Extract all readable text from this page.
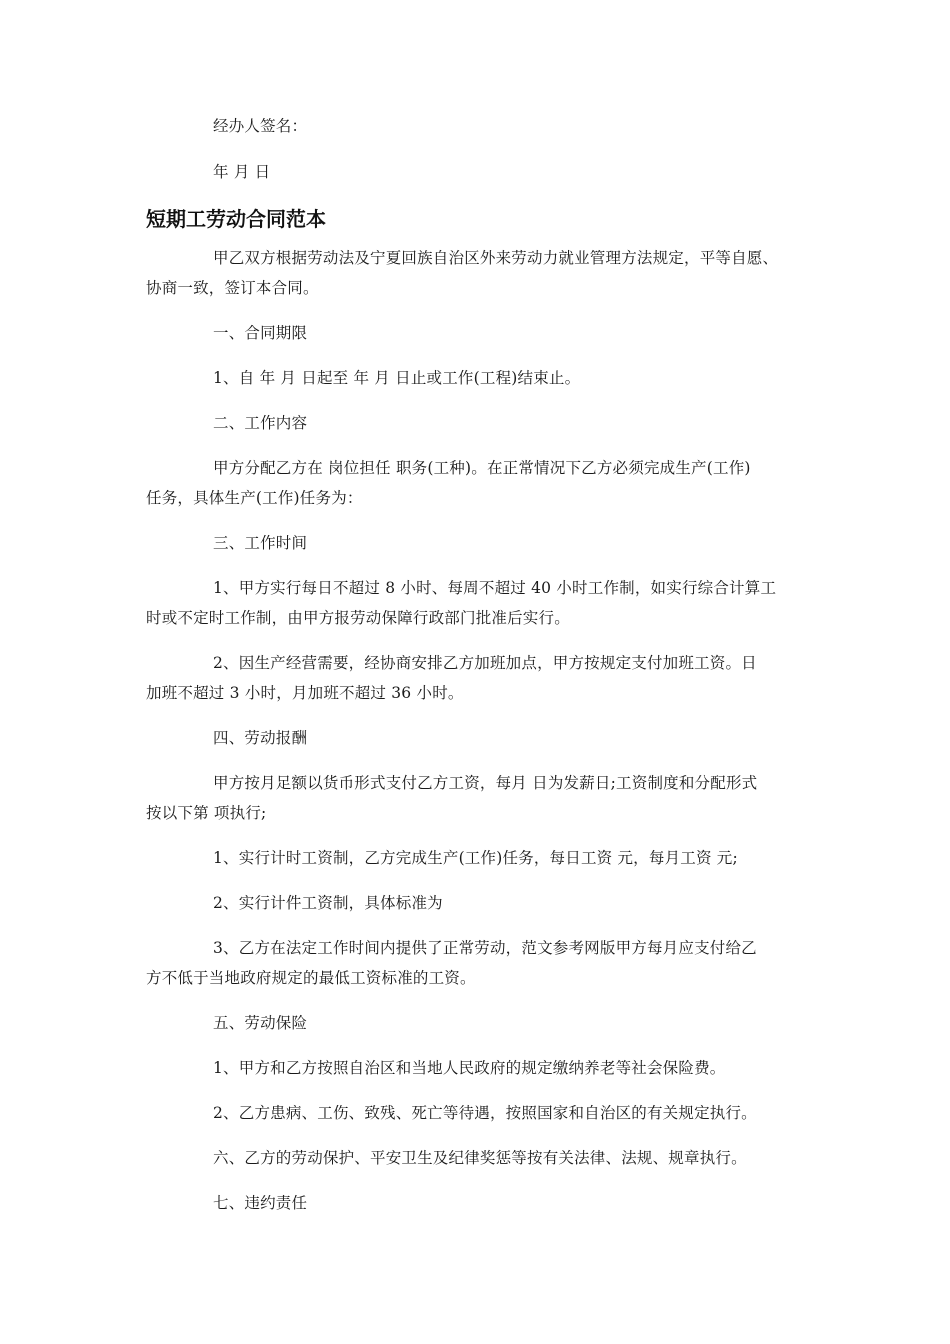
经办人签名：
年 月 日
短期工劳动合同范本
甲乙双方根据劳动法及宁夏回族自治区外来劳动力就业管理方法规定，平等自愿、
协商一致，签订本合同。
一、合同期限
1、自 年 月 日起至 年 月 日止或工作(工程)结束止。
二、工作内容
甲方分配乙方在 岗位担任 职务(工种)。在正常情况下乙方必须完成生产(工作)
任务，具体生产(工作)任务为：
三、工作时间
1、甲方实行每日不超过 8 小时、每周不超过 40 小时工作制，如实行综合计算工
时或不定时工作制，由甲方报劳动保障行政部门批准后实行。
2、因生产经营需要，经协商安排乙方加班加点，甲方按规定支付加班工资。日
加班不超过 3 小时，月加班不超过 36 小时。
四、劳动报酬
甲方按月足额以货币形式支付乙方工资，每月 日为发薪日;工资制度和分配形式
按以下第 项执行;
1、实行计时工资制，乙方完成生产(工作)任务，每日工资 元，每月工资 元;
2、实行计件工资制，具体标准为
3、乙方在法定工作时间内提供了正常劳动，范文参考网版甲方每月应支付给乙
方不低于当地政府规定的最低工资标准的工资。
五、劳动保险
1、甲方和乙方按照自治区和当地人民政府的规定缴纳养老等社会保险费。
2、乙方患病、工伤、致残、死亡等待遇，按照国家和自治区的有关规定执行。
六、乙方的劳动保护、平安卫生及纪律奖惩等按有关法律、法规、规章执行。
七、违约责任
